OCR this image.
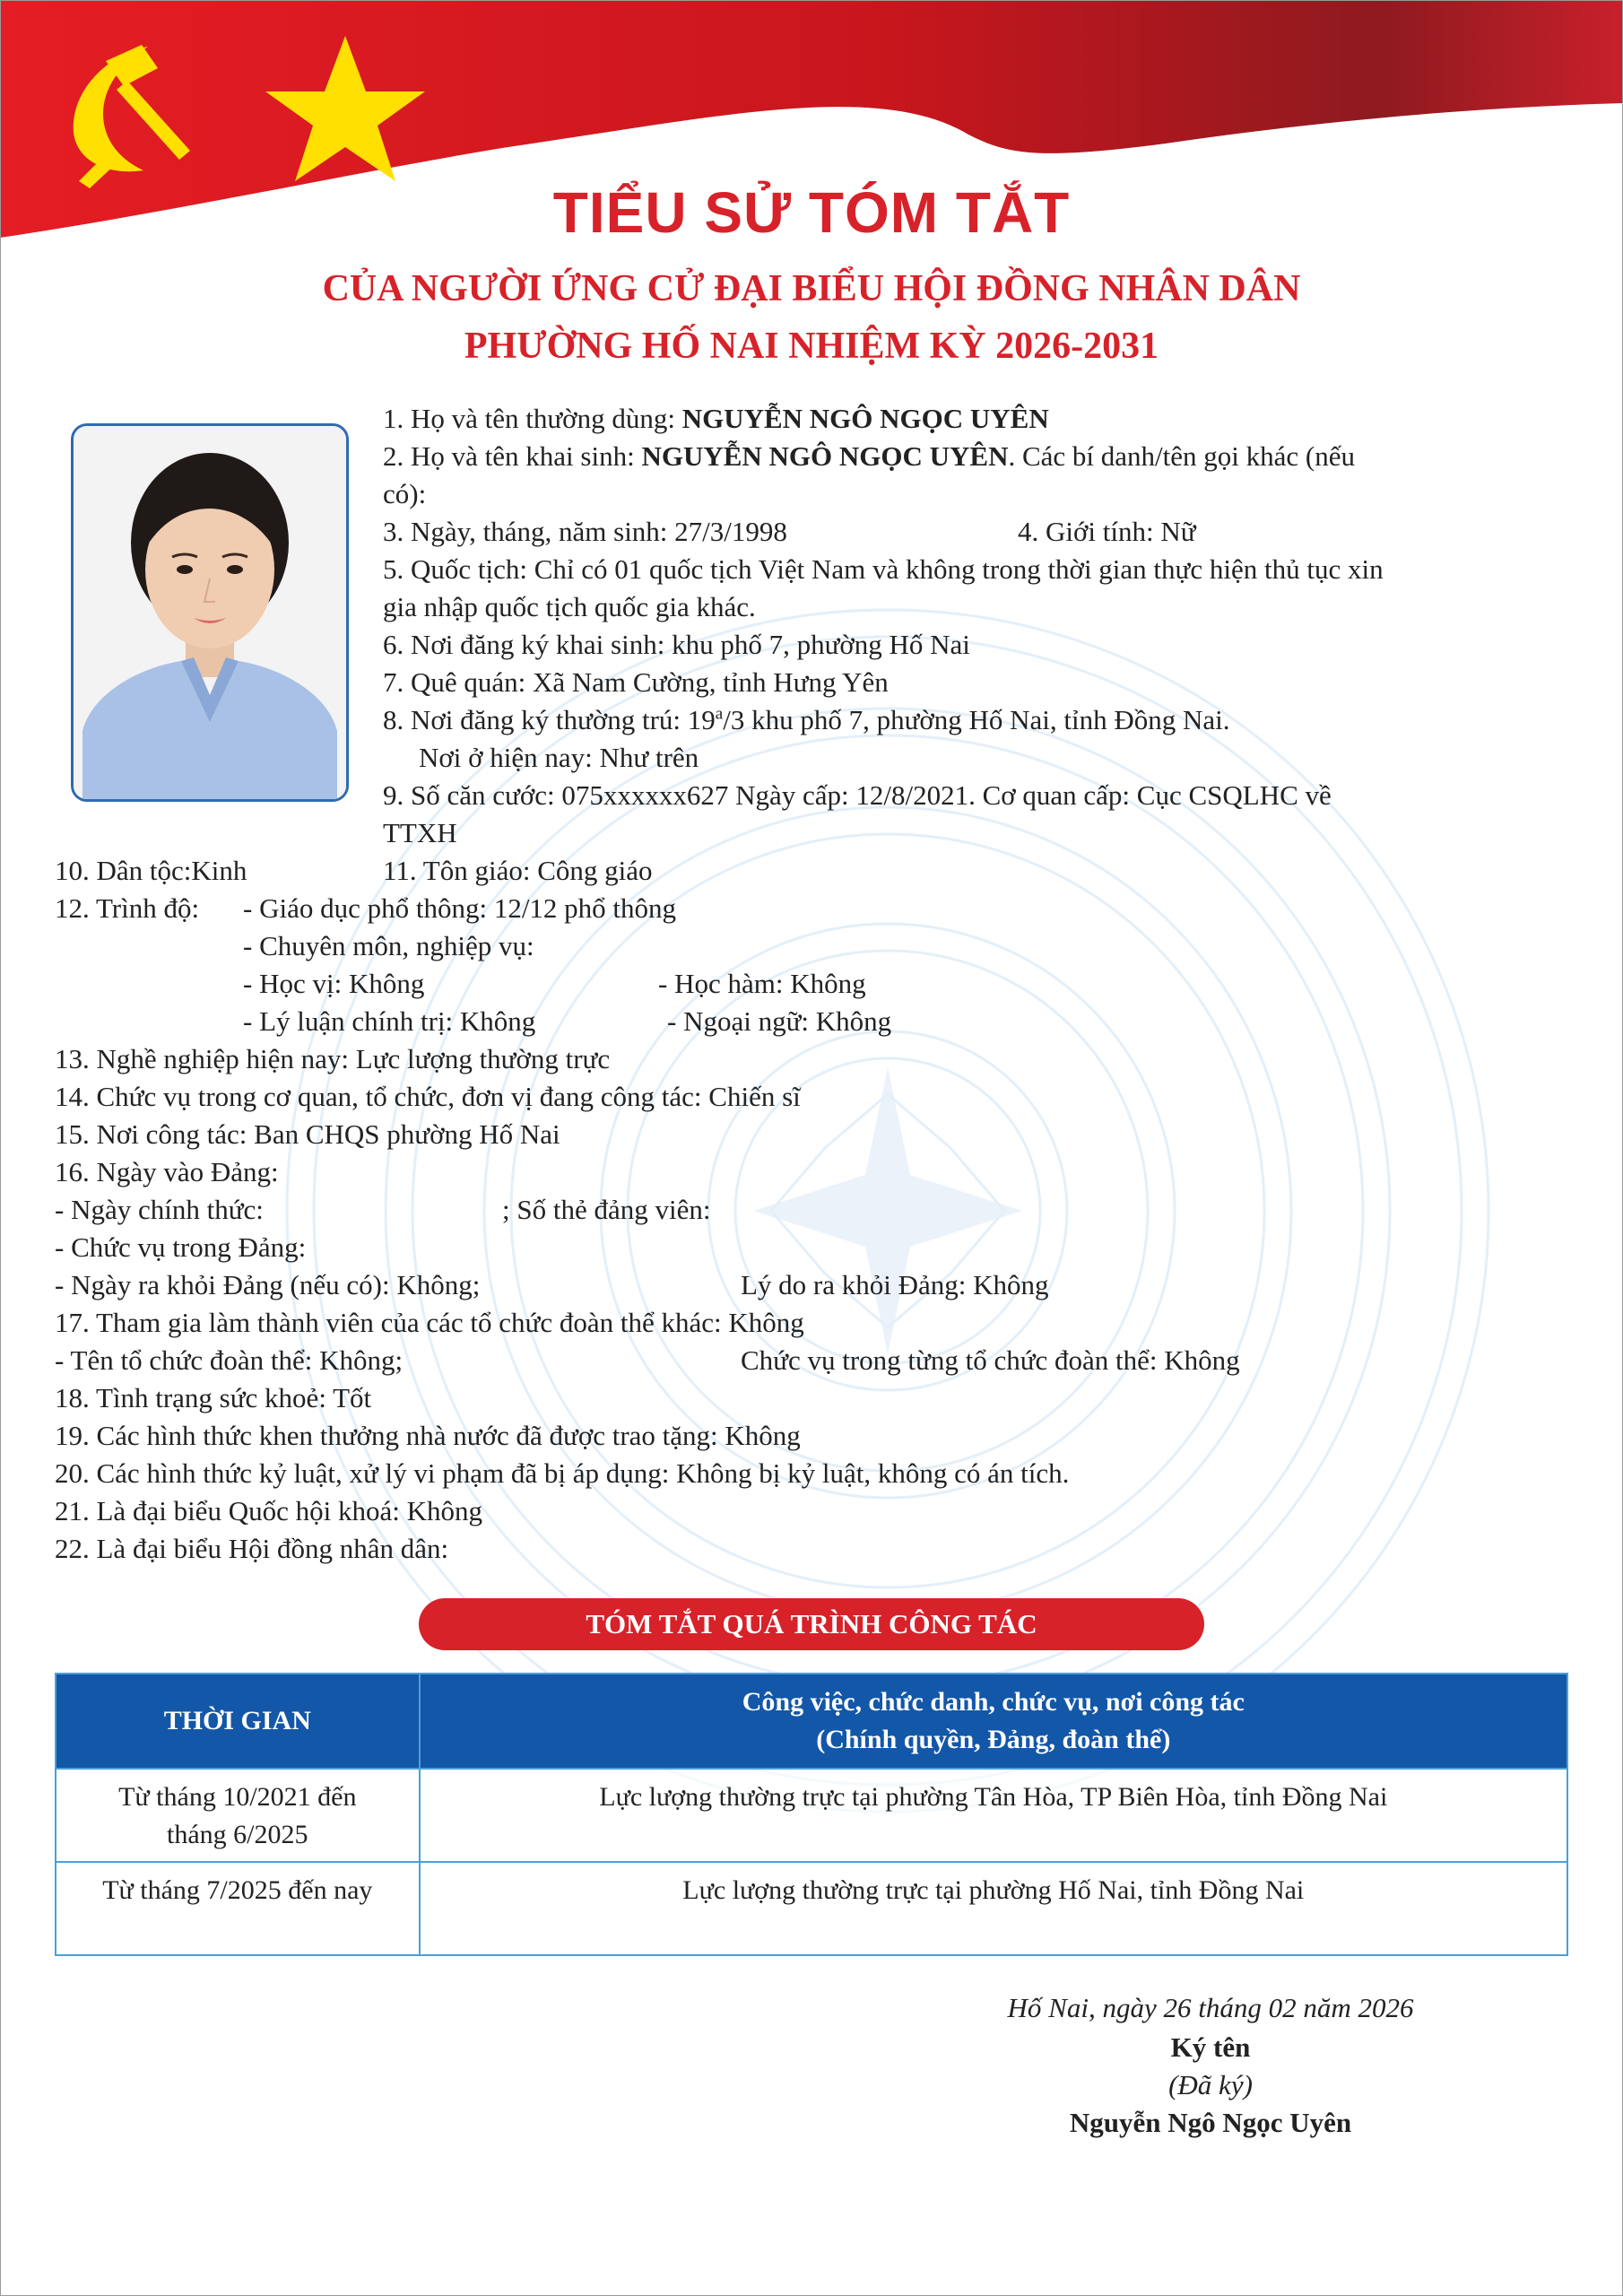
TIỂU SỬ TÓM TẮT
CỦA NGƯỜI ỨNG CỬ ĐẠI BIỂU HỘI ĐỒNG NHÂN DÂN
PHƯỜNG HỐ NAI NHIỆM KỲ 2026-2031
1. Họ và tên thường dùng: NGUYỄN NGÔ NGỌC UYÊN
2. Họ và tên khai sinh: NGUYỄN NGÔ NGỌC UYÊN. Các bí danh/tên gọi khác (nếu
có):
3. Ngày, tháng, năm sinh: 27/3/1998	4. Giới tính: Nữ
5. Quốc tịch: Chỉ có 01 quốc tịch Việt Nam và không trong thời gian thực hiện thủ tục xin
gia nhập quốc tịch quốc gia khác.
6. Nơi đăng ký khai sinh: khu phố 7, phường Hố Nai
7. Quê quán: Xã Nam Cường, tỉnh Hưng Yên
8. Nơi đăng ký thường trú: 19$^a$/3 khu phố 7, phường Hố Nai, tỉnh Đồng Nai.
Nơi ở hiện nay: Như trên
9. Số căn cước: 075xxxxxx627 Ngày cấp: 12/8/2021. Cơ quan cấp: Cục CSQLHC về
TTXH
10. Dân tộc:Kinh	11. Tôn giáo: Công giáo
12. Trình độ: - Giáo dục phổ thông: 12/12 phổ thông
- Chuyên môn, nghiệp vụ:
- Học vị: Không	- Học hàm: Không
- Lý luận chính trị: Không	- Ngoại ngữ: Không
13. Nghề nghiệp hiện nay: Lực lượng thường trực
14. Chức vụ trong cơ quan, tổ chức, đơn vị đang công tác: Chiến sĩ
15. Nơi công tác: Ban CHQS phường Hố Nai
16. Ngày vào Đảng:
- Ngày chính thức:	; Số thẻ đảng viên:
- Chức vụ trong Đảng:
- Ngày ra khỏi Đảng (nếu có): Không;	Lý do ra khỏi Đảng: Không
17. Tham gia làm thành viên của các tổ chức đoàn thể khác: Không
- Tên tổ chức đoàn thể: Không;	Chức vụ trong từng tổ chức đoàn thể: Không
18. Tình trạng sức khoẻ: Tốt
19. Các hình thức khen thưởng nhà nước đã được trao tặng: Không
20. Các hình thức kỷ luật, xử lý vi phạm đã bị áp dụng: Không bị kỷ luật, không có án tích.
21. Là đại biểu Quốc hội khoá: Không
22. Là đại biểu Hội đồng nhân dân:
TÓM TẮT QUÁ TRÌNH CÔNG TÁC
THỜI GIAN	Công việc, chức danh, chức vụ, nơi công tác
(Chính quyền, Đảng, đoàn thể)

Từ tháng 10/2021 đến
tháng 6/2025	Lực lượng thường trực tại phường Tân Hòa, TP Biên Hòa, tỉnh Đồng Nai

Từ tháng 7/2025 đến nay	Lực lượng thường trực tại phường Hố Nai, tỉnh Đồng Nai
Hố Nai, ngày 26 tháng 02 năm 2026
Ký tên
(Đã ký)
Nguyễn Ngô Ngọc Uyên
